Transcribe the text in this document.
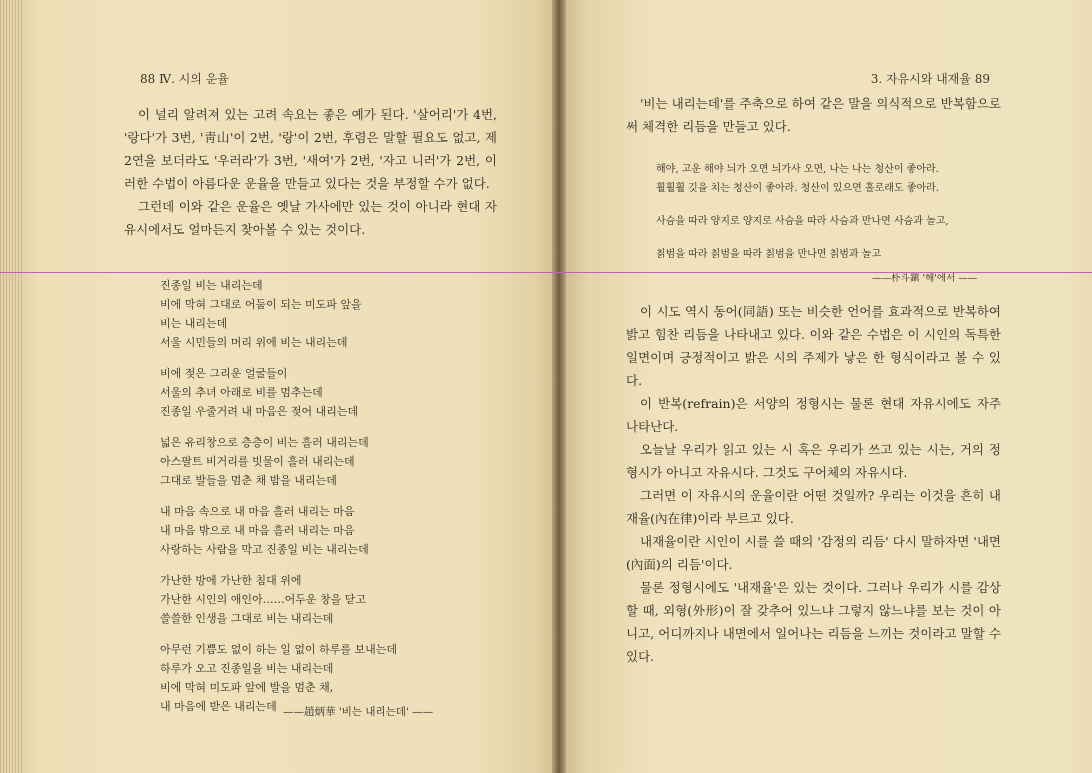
88 Ⅳ. 시의 운율

이 널리 알려져 있는 고려 속요는 좋은 예가 된다. '살어리'가 4번, '랑다'가 3번, '靑山'이 2번, '랑'이 2번, 후렴은 말할 필요도 없고, 제 2연을 보더라도 '우러라'가 3번, '새여'가 2번, '자고 니러'가 2번, 이러한 수법이 아름다운 운율을 만들고 있다는 것을 부정할 수가 없다.

그런데 이와 같은 운율은 옛날 가사에만 있는 것이 아니라 현대 자유시에서도 얼마든지 찾아볼 수 있는 것이다.

진종일 비는 내리는데
비에 막혀 그대로 어둠이 되는 미도파 앞을
비는 내리는데
서울 시민들의 머리 위에 비는 내리는데
비에 젖은 그리운 얼굴들이
서울의 추녀 아래로 비를 멈추는데
진종일 우줄거려 내 마음은 젖어 내리는데
넓은 유리창으로 층층이 비는 흘러 내리는데
아스팔트 비거리를 빗물이 흘러 내리는데
그대로 발들을 멈춘 채 밤을 내리는데
내 마음 속으로 내 마음 흘러 내리는 마음
내 마음 밖으로 내 마음 흘러 내리는 마음
사랑하는 사람을 막고 진종일 비는 내리는데
가난한 방에 가난한 침대 위에
가난한 시인의 애인아……어두운 창을 닫고
쓸쓸한 인생을 그대로 비는 내리는데
아무런 기쁨도 없이 하는 일 없이 하루를 보내는데
하루가 오고 진종일을 비는 내리는데
비에 막혀 미도파 앞에 발을 멈춘 채,
내 마음에 받은 내리는데 ——趙炳華 '비는 내리는데' ——
3. 자유시와 내재율 89

'비는 내리는데'를 주축으로 하여 같은 말을 의식적으로 반복함으로써 체격한 리듬을 만들고 있다.

해야, 고운 해야 늬가 오면 늬가사 오면, 나는 나는 청산이 좋아라.
훨훨훨 깃을 치는 청산이 좋아라. 청산이 있으면 홀로래도 좋아라.
사슴을 따라 양지로 양지로 사슴을 따라 사슴과 만나면 사슴과 놀고,
칡범을 따라 칡범을 따라 칡범을 만나면 칡범과 놀고
——朴斗鎭 '해'에서 ——

이 시도 역시 동어(同語) 또는 비슷한 언어를 효과적으로 반복하여 밝고 힘찬 리듬을 나타내고 있다. 이와 같은 수법은 이 시인의 독특한 일면이며 긍정적이고 밝은 시의 주제가 낳은 한 형식이라고 볼 수 있다.

이 반복(refrain)은 서양의 정형시는 물론 현대 자유시에도 자주 나타난다.

오늘날 우리가 읽고 있는 시 혹은 우리가 쓰고 있는 시는, 거의 정형시가 아니고 자유시다. 그것도 구어체의 자유시다.

그러면 이 자유시의 운율이란 어떤 것일까? 우리는 이것을 흔히 내재율(內在律)이라 부르고 있다.

내재율이란 시인이 시를 쓸 때의 '감정의 리듬' 다시 말하자면 '내면(內面)의 리듬'이다.

물론 정형시에도 '내재율'은 있는 것이다. 그러나 우리가 시를 감상할 때, 외형(外形)이 잘 갖추어 있느냐 그렇지 않느냐를 보는 것이 아니고, 어디까지나 내면에서 일어나는 리듬을 느끼는 것이라고 말할 수 있다.
